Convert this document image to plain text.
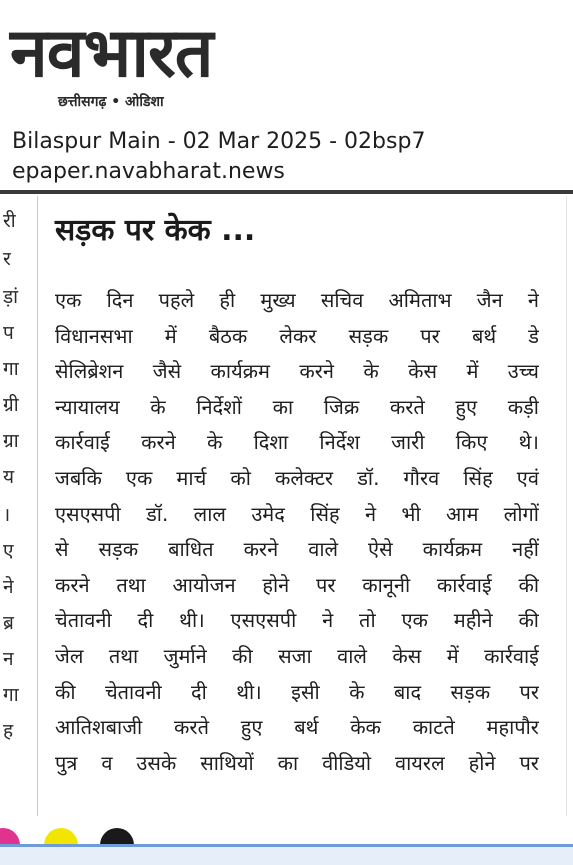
नवभारत
छत्तीसगढ़ • ओडिशा
Bilaspur Main - 02 Mar 2025 - 02bsp7
epaper.navabharat.news
री
र
ड़ां
प
गा
ग्री
ग्रा
य
।
ए
ने
ब्र
न
गा
ह
सड़क पर केक ...
एक दिन पहले ही मुख्य सचिव अमिताभ जैन ने
विधानसभा में बैठक लेकर सड़क पर बर्थ डे
सेलिब्रेशन जैसे कार्यक्रम करने के केस में उच्च
न्यायालय के निर्देशों का जिक्र करते हुए कड़ी
कार्रवाई करने के दिशा निर्देश जारी किए थे।
जबकि एक मार्च को कलेक्टर डॉ. गौरव सिंह एवं
एसएसपी डॉ. लाल उमेद सिंह ने भी आम लोगों
से सड़क बाधित करने वाले ऐसे कार्यक्रम नहीं
करने तथा आयोजन होने पर कानूनी कार्रवाई की
चेतावनी दी थी। एसएसपी ने तो एक महीने की
जेल तथा जुर्माने की सजा वाले केस में कार्रवाई
की चेतावनी दी थी। इसी के बाद सड़क पर
आतिशबाजी करते हुए बर्थ केक काटते महापौर
पुत्र व उसके साथियों का वीडियो वायरल होने पर
